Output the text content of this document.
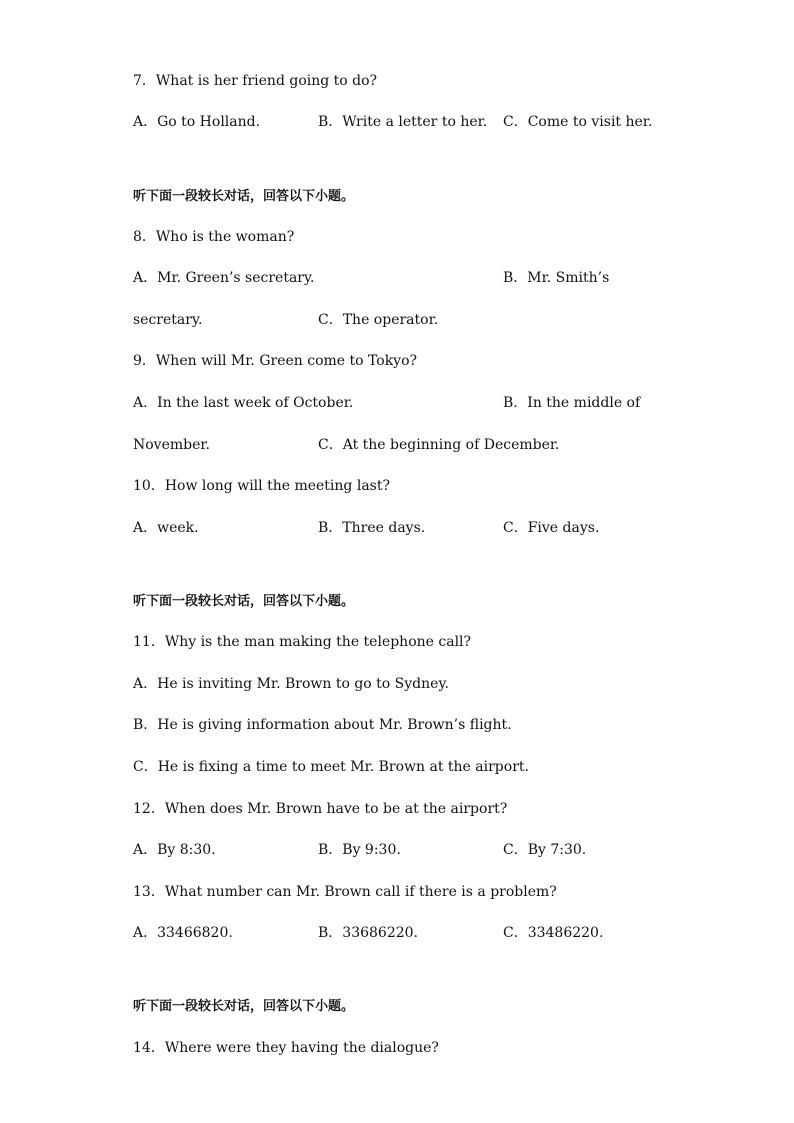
7．What is her friend going to do?
A．Go to Holland.	B．Write a letter to her. C．Come to visit her.
听下面一段较长对话，回答以下小题。
8．Who is the woman?
A．Mr. Green’s secretary.	B．Mr. Smith’s
secretary.	C．The operator.
9．When will Mr. Green come to Tokyo?
A．In the last week of October.	B．In the middle of
November.	C．At the beginning of December.
10．How long will the meeting last?
A．week.	B．Three days.	C．Five days.
听下面一段较长对话，回答以下小题。
11．Why is the man making the telephone call?
A．He is inviting Mr. Brown to go to Sydney.
B．He is giving information about Mr. Brown’s flight.
C．He is fixing a time to meet Mr. Brown at the airport.
12．When does Mr. Brown have to be at the airport?
A．By 8:30.	B．By 9:30.	C．By 7:30.
13．What number can Mr. Brown call if there is a problem?
A．33466820.	B．33686220.	C．33486220.
听下面一段较长对话，回答以下小题。
14．Where were they having the dialogue?
